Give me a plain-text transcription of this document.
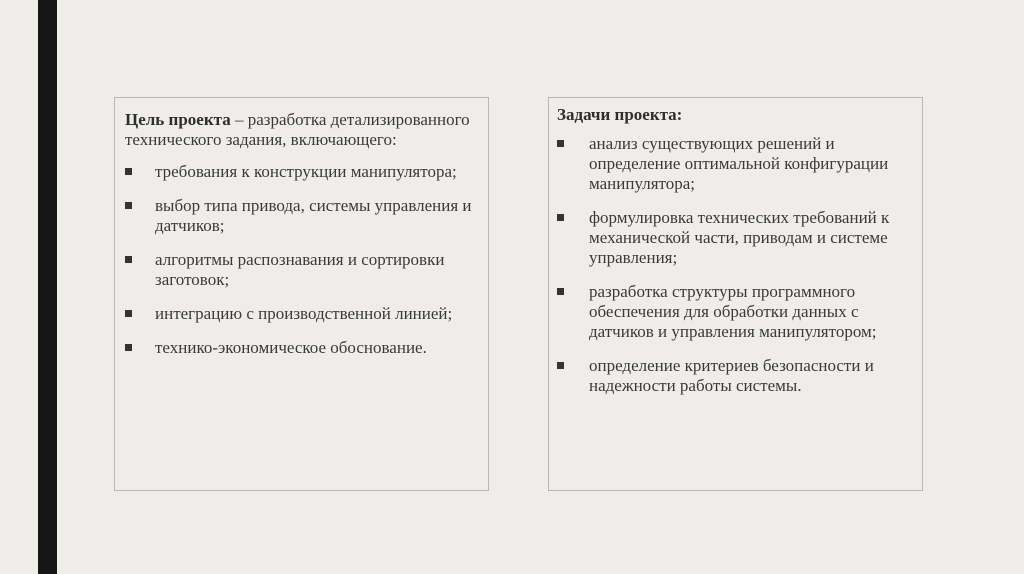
Цель проекта – разработка детализированного технического задания, включающего:

требования к конструкции манипулятора;
выбор типа привода, системы управления и датчиков;
алгоритмы распознавания и сортировки заготовок;
интеграцию с производственной линией;
технико-экономическое обоснование.

Задачи проекта:

анализ существующих решений и определение оптимальной конфигурации манипулятора;
формулировка технических требований к механической части, приводам и системе управления;
разработка структуры программного обеспечения для обработки данных с датчиков и управления манипулятором;
определение критериев безопасности и надежности работы системы.
